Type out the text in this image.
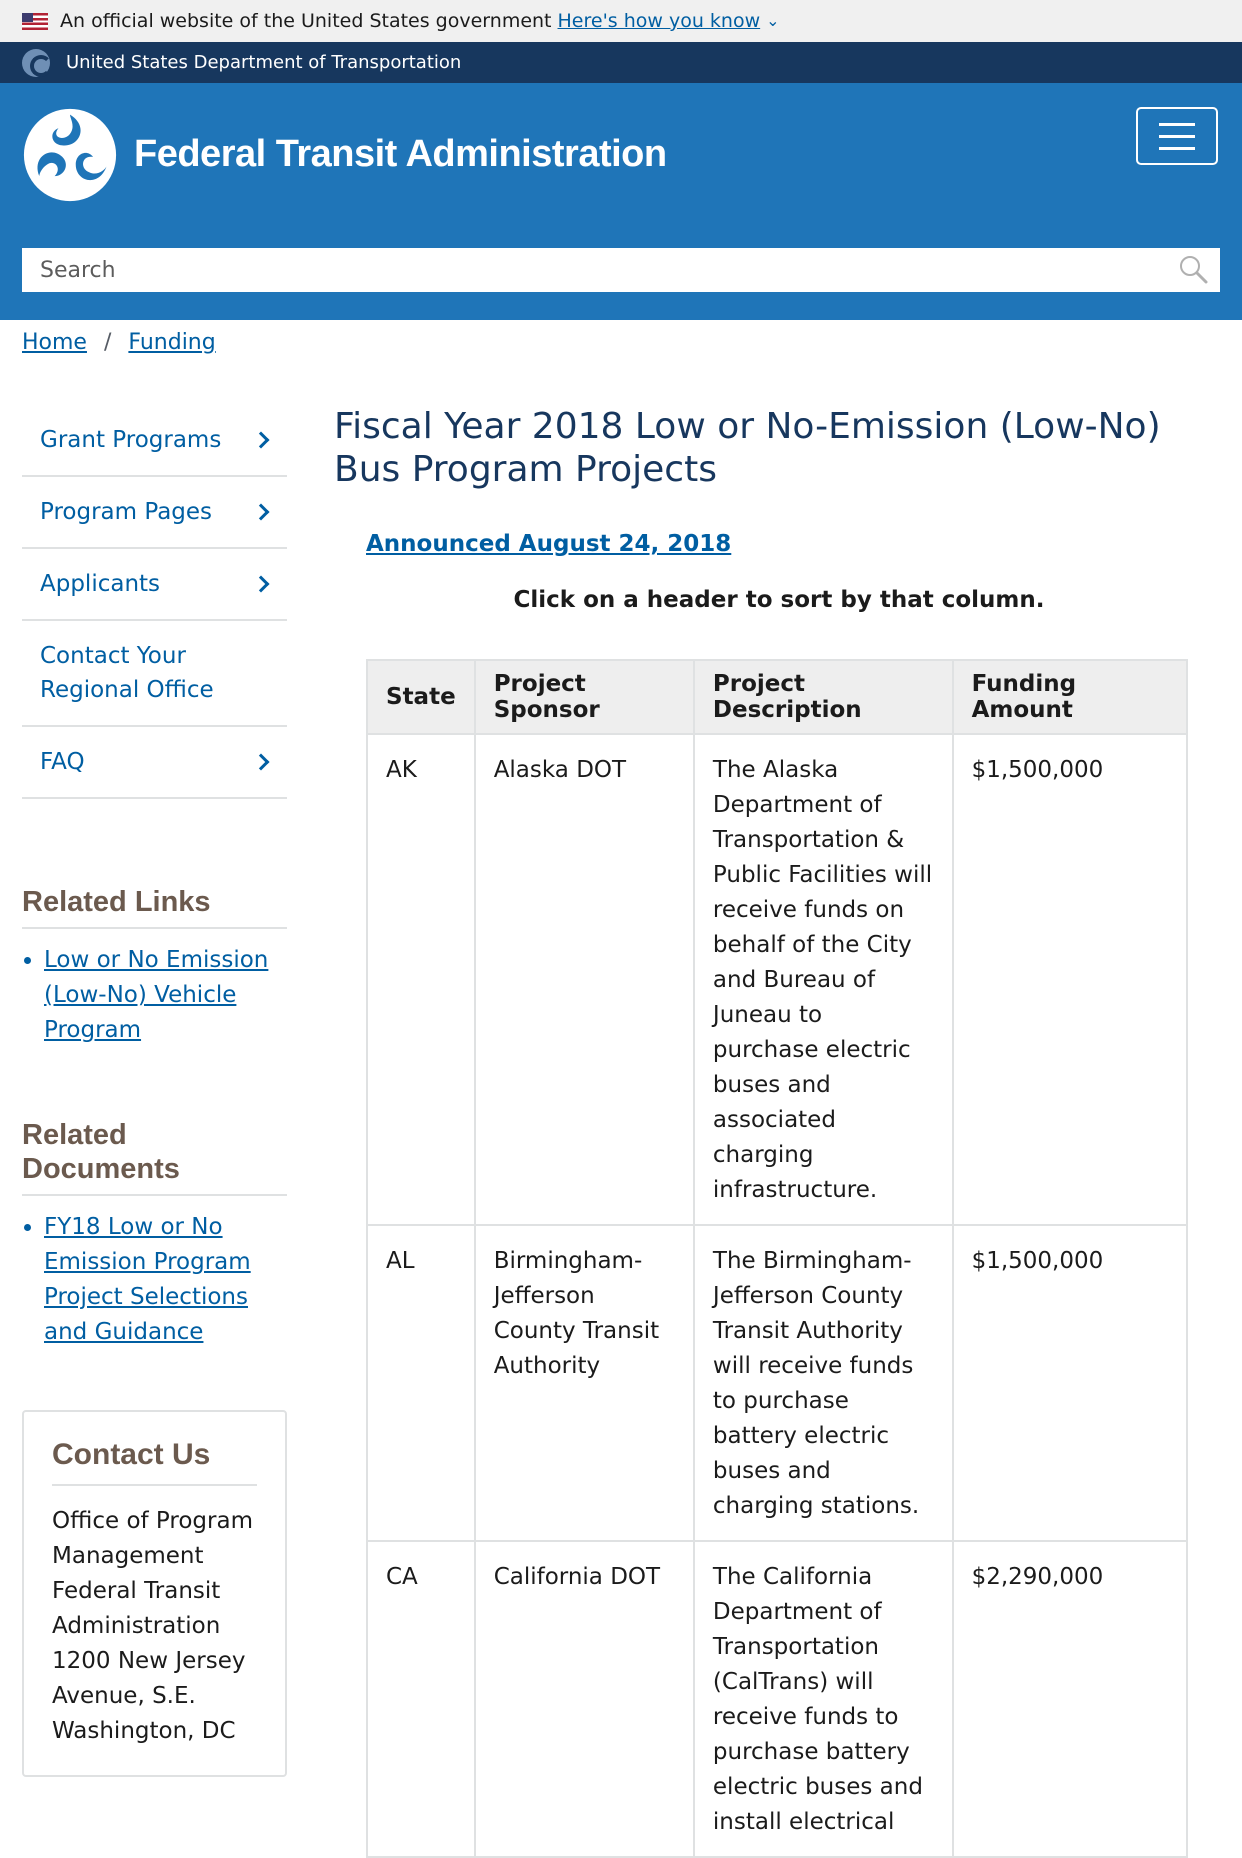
An official website of the United States government Here's how you know ⌄
United States Department of Transportation
Federal Transit Administration
Search
Home / Funding
Grant Programs
Program Pages
Applicants
Contact Your Regional Office
FAQ
Related Links
• Low or No Emission (Low-No) Vehicle Program
Related Documents
• FY18 Low or No Emission Program Project Selections and Guidance
Contact Us
Office of Program
Management
Federal Transit
Administration
1200 New Jersey
Avenue, S.E.
Washington, DC
Fiscal Year 2018 Low or No-Emission (Low-No) Bus Program Projects
Announced August 24, 2018
Click on a header to sort by that column.
State	Project Sponsor	Project Description	Funding Amount
AK	Alaska DOT	The Alaska Department of Transportation & Public Facilities will receive funds on behalf of the City and Bureau of Juneau to purchase electric buses and associated charging infrastructure.	$1,500,000
AL	Birmingham-Jefferson County Transit Authority	The Birmingham-Jefferson County Transit Authority will receive funds to purchase battery electric buses and charging stations.	$1,500,000
CA	California DOT	The California Department of Transportation (CalTrans) will receive funds to purchase battery electric buses and install electrical	$2,290,000
